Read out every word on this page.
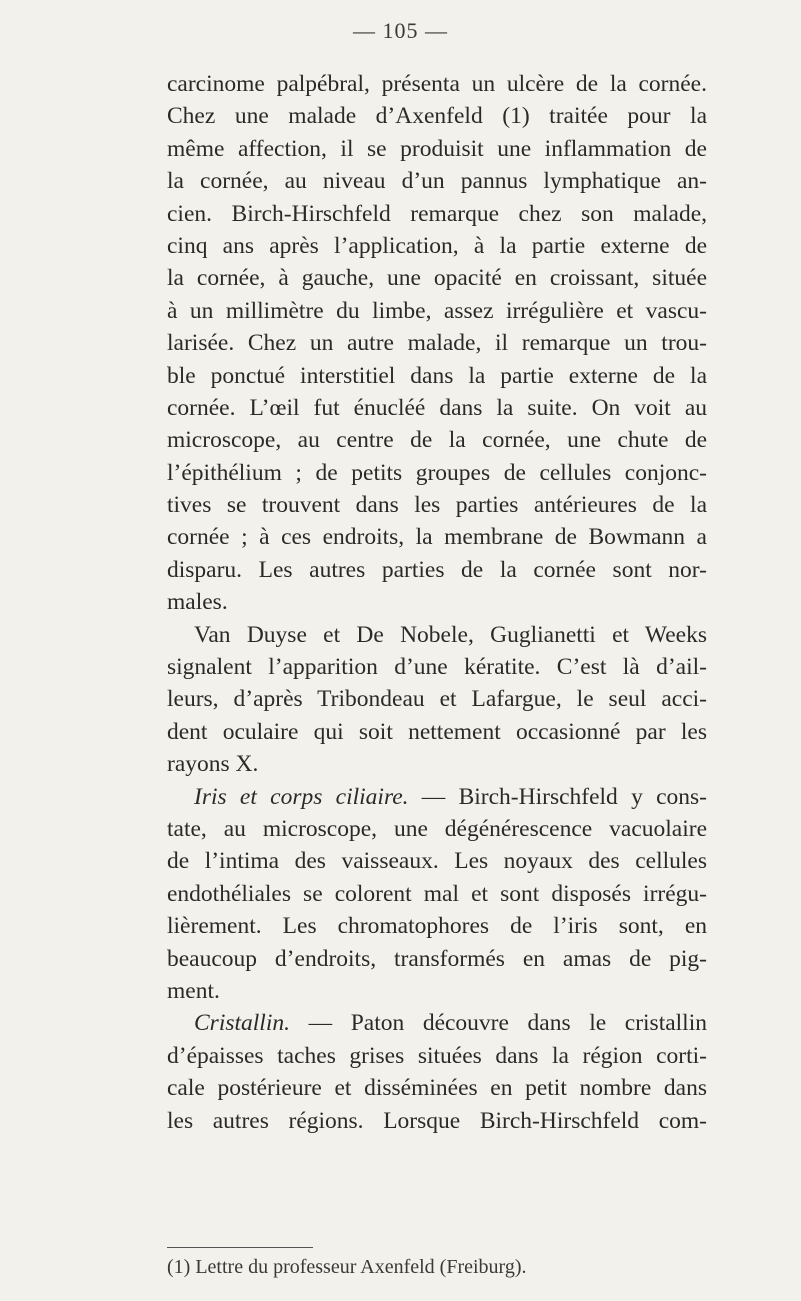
— 105 —
carcinome palpébral, présenta un ulcère de la cornée.
Chez une malade d’Axenfeld (1) traitée pour la
même affection, il se produisit une inflammation de
la cornée, au niveau d’un pannus lymphatique an-
cien. Birch-Hirschfeld remarque chez son malade,
cinq ans après l’application, à la partie externe de
la cornée, à gauche, une opacité en croissant, située
à un millimètre du limbe, assez irrégulière et vascu-
larisée. Chez un autre malade, il remarque un trou-
ble ponctué interstitiel dans la partie externe de la
cornée. L’œil fut énucléé dans la suite. On voit au
microscope, au centre de la cornée, une chute de
l’épithélium ; de petits groupes de cellules conjonc-
tives se trouvent dans les parties antérieures de la
cornée ; à ces endroits, la membrane de Bowmann a
disparu. Les autres parties de la cornée sont nor-
males.
Van Duyse et De Nobele, Guglianetti et Weeks
signalent l’apparition d’une kératite. C’est là d’ail-
leurs, d’après Tribondeau et Lafargue, le seul acci-
dent oculaire qui soit nettement occasionné par les
rayons X.
Iris et corps ciliaire. — Birch-Hirschfeld y cons-
tate, au microscope, une dégénérescence vacuolaire
de l’intima des vaisseaux. Les noyaux des cellules
endothéliales se colorent mal et sont disposés irrégu-
lièrement. Les chromatophores de l’iris sont, en
beaucoup d’endroits, transformés en amas de pig-
ment.
Cristallin. — Paton découvre dans le cristallin
d’épaisses taches grises situées dans la région corti-
cale postérieure et disséminées en petit nombre dans
les autres régions. Lorsque Birch-Hirschfeld com-
(1) Lettre du professeur Axenfeld (Freiburg).
